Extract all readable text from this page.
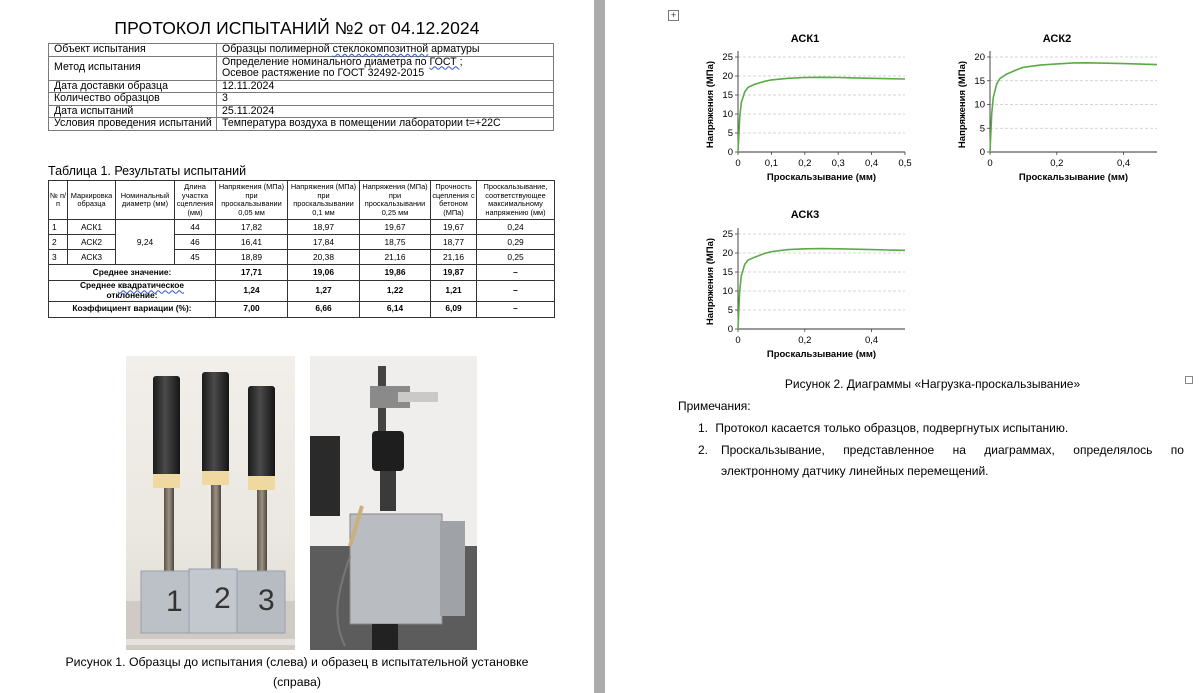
ПРОТОКОЛ ИСПЫТАНИЙ №2 от 04.12.2024
Объект испытания	Образцы полимерной стеклокомпозитной арматуры

Метод испытания	Определение номинального диаметра по ГОСТ ;
Осевое растяжение по ГОСТ 32492-2015

Дата доставки образца	12.11.2024

Количество образцов	3

Дата испытаний	25.11.2024

Условия проведения испытаний	Температура воздуха в помещении лаборатории t=+22C
Таблица 1. Результаты испытаний
№ п/п	Маркировка образца	Номинальный диаметр (мм)	Длина участка сцепления (мм)	Напряжения (МПа) при проскальзывании 0,05 мм	Напряжения (МПа) при проскальзывании 0,1 мм	Напряжения (МПа) при проскальзывании 0,25 мм	Прочность сцепления с бетоном (МПа)	Проскальзывание, соответствующее максимальному напряжению (мм)
1	АСК1	9,24	44	17,82	18,97	19,67	19,67	0,24
2	АСК2		46	16,41	17,84	18,75	18,77	0,29
3	АСК3		45	18,89	20,38	21,16	21,16	0,25
Среднее значение:				17,71	19,06	19,86	19,87	–
Среднее квадратическое
отклонение:				1,24	1,27	1,22	1,21	–
Коэффициент вариации (%):				7,00	6,66	6,14	6,09	–
1 2 3
Рисунок 1. Образцы до испытания (слева) и образец в испытательной установке
(справа)
+
АСК1
0
5
10
15
20
25
0	0,1 0,2 0,3 0,4 0,5
Проскальзывание (мм)
Напряжения (МПа)
АСК2
0
5
10
15
20
0	0,2	0,4
Проскальзывание (мм)
Напряжения (МПа)
АСК3
0
5
10
15
20
25
0	0,2	0,4
Проскальзывание (мм)
Напряжения (МПа)
Рисунок 2. Диаграммы «Нагрузка-проскальзывание»
Примечания:
1. Протокол касается только образцов, подвергнутых испытанию.
2.	Проскальзывание, представленное на диаграммах, определялось по
электронному датчику линейных перемещений.
